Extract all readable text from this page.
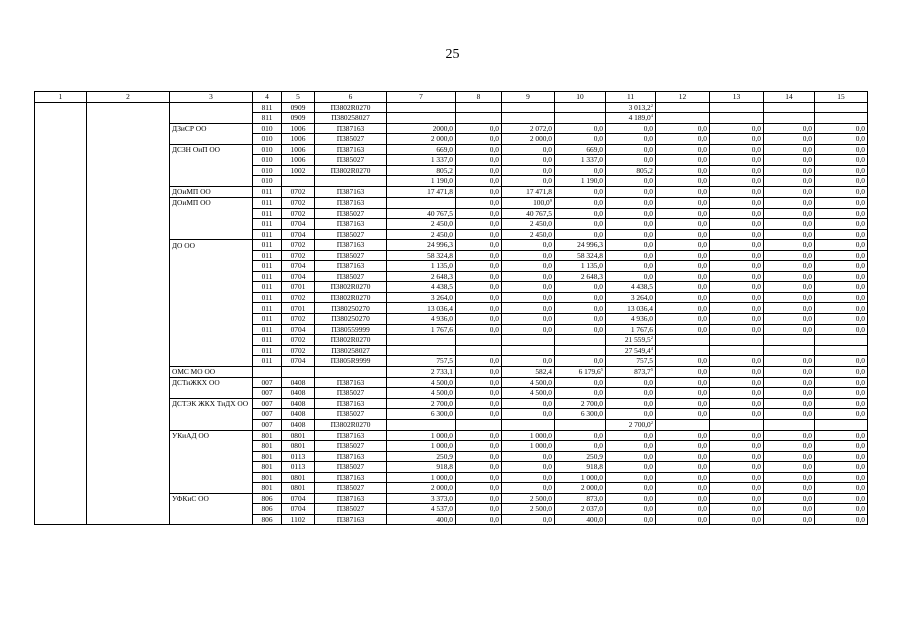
25
1	2	3	4	5	6	7	8	9	10	11	12	13	14	15
			811	0909	П3802R0270					3 013,2$^2$				
			811	0909	П380258027					4 189,0$^4$				
		ДЗиСР ОО	010	1006	П387163	2000,0	0,0	2 072,0	0,0	0,0	0,0	0,0	0,0	0,0
			010	1006	П385027	2 000,0	0,0	2 000,0	0,0	0,0	0,0	0,0	0,0	0,0
		ДСЗН ОиП ОО	010	1006	П387163	669,0	0,0	0,0	669,0	0,0	0,0	0,0	0,0	0,0
			010	1006	П385027	1 337,0	0,0	0,0	1 337,0	0,0	0,0	0,0	0,0	0,0
			010	1002	П3802R0270	805,2	0,0	0,0	0,0	805,2	0,0	0,0	0,0	0,0
			010			1 190,0	0,0	0,0	1 190,0	0,0	0,0	0,0	0,0	0,0
		ДОиМП ОО	011	0702	П387163	17 471,8	0,0	17 471,8	0,0	0,0	0,0	0,0	0,0	0,0
		ДОиМП ОО	011	0702	П387163		0,0	100,0$^9$	0,0	0,0	0,0	0,0	0,0	0,0
			011	0702	П385027	40 767,5	0,0	40 767,5	0,0	0,0	0,0	0,0	0,0	0,0
			011	0704	П387163	2 450,0	0,0	2 450,0	0,0	0,0	0,0	0,0	0,0	0,0
			011	0704	П385027	2 450,0	0,0	2 450,0	0,0	0,0	0,0	0,0	0,0	0,0
		ДО ОО	011	0702	П387163	24 996,3	0,0	0,0	24 996,3	0,0	0,0	0,0	0,0	0,0
			011	0702	П385027	58 324,8	0,0	0,0	58 324,8	0,0	0,0	0,0	0,0	0,0
			011	0704	П387163	1 135,0	0,0	0,0	1 135,0	0,0	0,0	0,0	0,0	0,0
			011	0704	П385027	2 648,3	0,0	0,0	2 648,3	0,0	0,0	0,0	0,0	0,0
			011	0701	П3802R0270	4 438,5	0,0	0,0	0,0	4 438,5	0,0	0,0	0,0	0,0
			011	0702	П3802R0270	3 264,0	0,0	0,0	0,0	3 264,0	0,0	0,0	0,0	0,0
			011	0701	П380250270	13 036,4	0,0	0,0	0,0	13 036,4	0,0	0,0	0,0	0,0
			011	0702	П380250270	4 936,0	0,0	0,0	0,0	4 936,0	0,0	0,0	0,0	0,0
			011	0704	П380559999	1 767,6	0,0	0,0	0,0	1 767,6	0,0	0,0	0,0	0,0
			011	0702	П3802R0270					21 559,5$^2$				
			011	0702	П380258027					27 549,4$^4$				
			011	0704	П3805R9999	757,5	0,0	0,0	0,0	757,5	0,0	0,0	0,0	0,0
		ОМС МО ОО				2 733,1	0,0	582,4	6 179,6$^5$	873,7$^5$	0,0	0,0	0,0	0,0
		ДСТиЖКХ ОО	007	0408	П387163	4 500,0	0,0	4 500,0	0,0	0,0	0,0	0,0	0,0	0,0
			007	0408	П385027	4 500,0	0,0	4 500,0	0,0	0,0	0,0	0,0	0,0	0,0
		ДСТЭК ЖКХ ТиДХ ОО	007	0408	П387163	2 700,0	0,0	0,0	2 700,0	0,0	0,0	0,0	0,0	0,0
			007	0408	П385027	6 300,0	0,0	0,0	6 300,0	0,0	0,0	0,0	0,0	0,0
			007	0408	П3802R0270					2 700,0$^2$				
		УКиАД ОО	801	0801	П387163	1 000,0	0,0	1 000,0	0,0	0,0	0,0	0,0	0,0	0,0
			801	0801	П385027	1 000,0	0,0	1 000,0	0,0	0,0	0,0	0,0	0,0	0,0
			801	0113	П387163	250,9	0,0	0,0	250,9	0,0	0,0	0,0	0,0	0,0
			801	0113	П385027	918,8	0,0	0,0	918,8	0,0	0,0	0,0	0,0	0,0
			801	0801	П387163	1 000,0	0,0	0,0	1 000,0	0,0	0,0	0,0	0,0	0,0
			801	0801	П385027	2 000,0	0,0	0,0	2 000,0	0,0	0,0	0,0	0,0	0,0
		УФКиС ОО	806	0704	П387163	3 373,0	0,0	2 500,0	873,0	0,0	0,0	0,0	0,0	0,0
			806	0704	П385027	4 537,0	0,0	2 500,0	2 037,0	0,0	0,0	0,0	0,0	0,0
			806	1102	П387163	400,0	0,0	0,0	400,0	0,0	0,0	0,0	0,0	0,0
